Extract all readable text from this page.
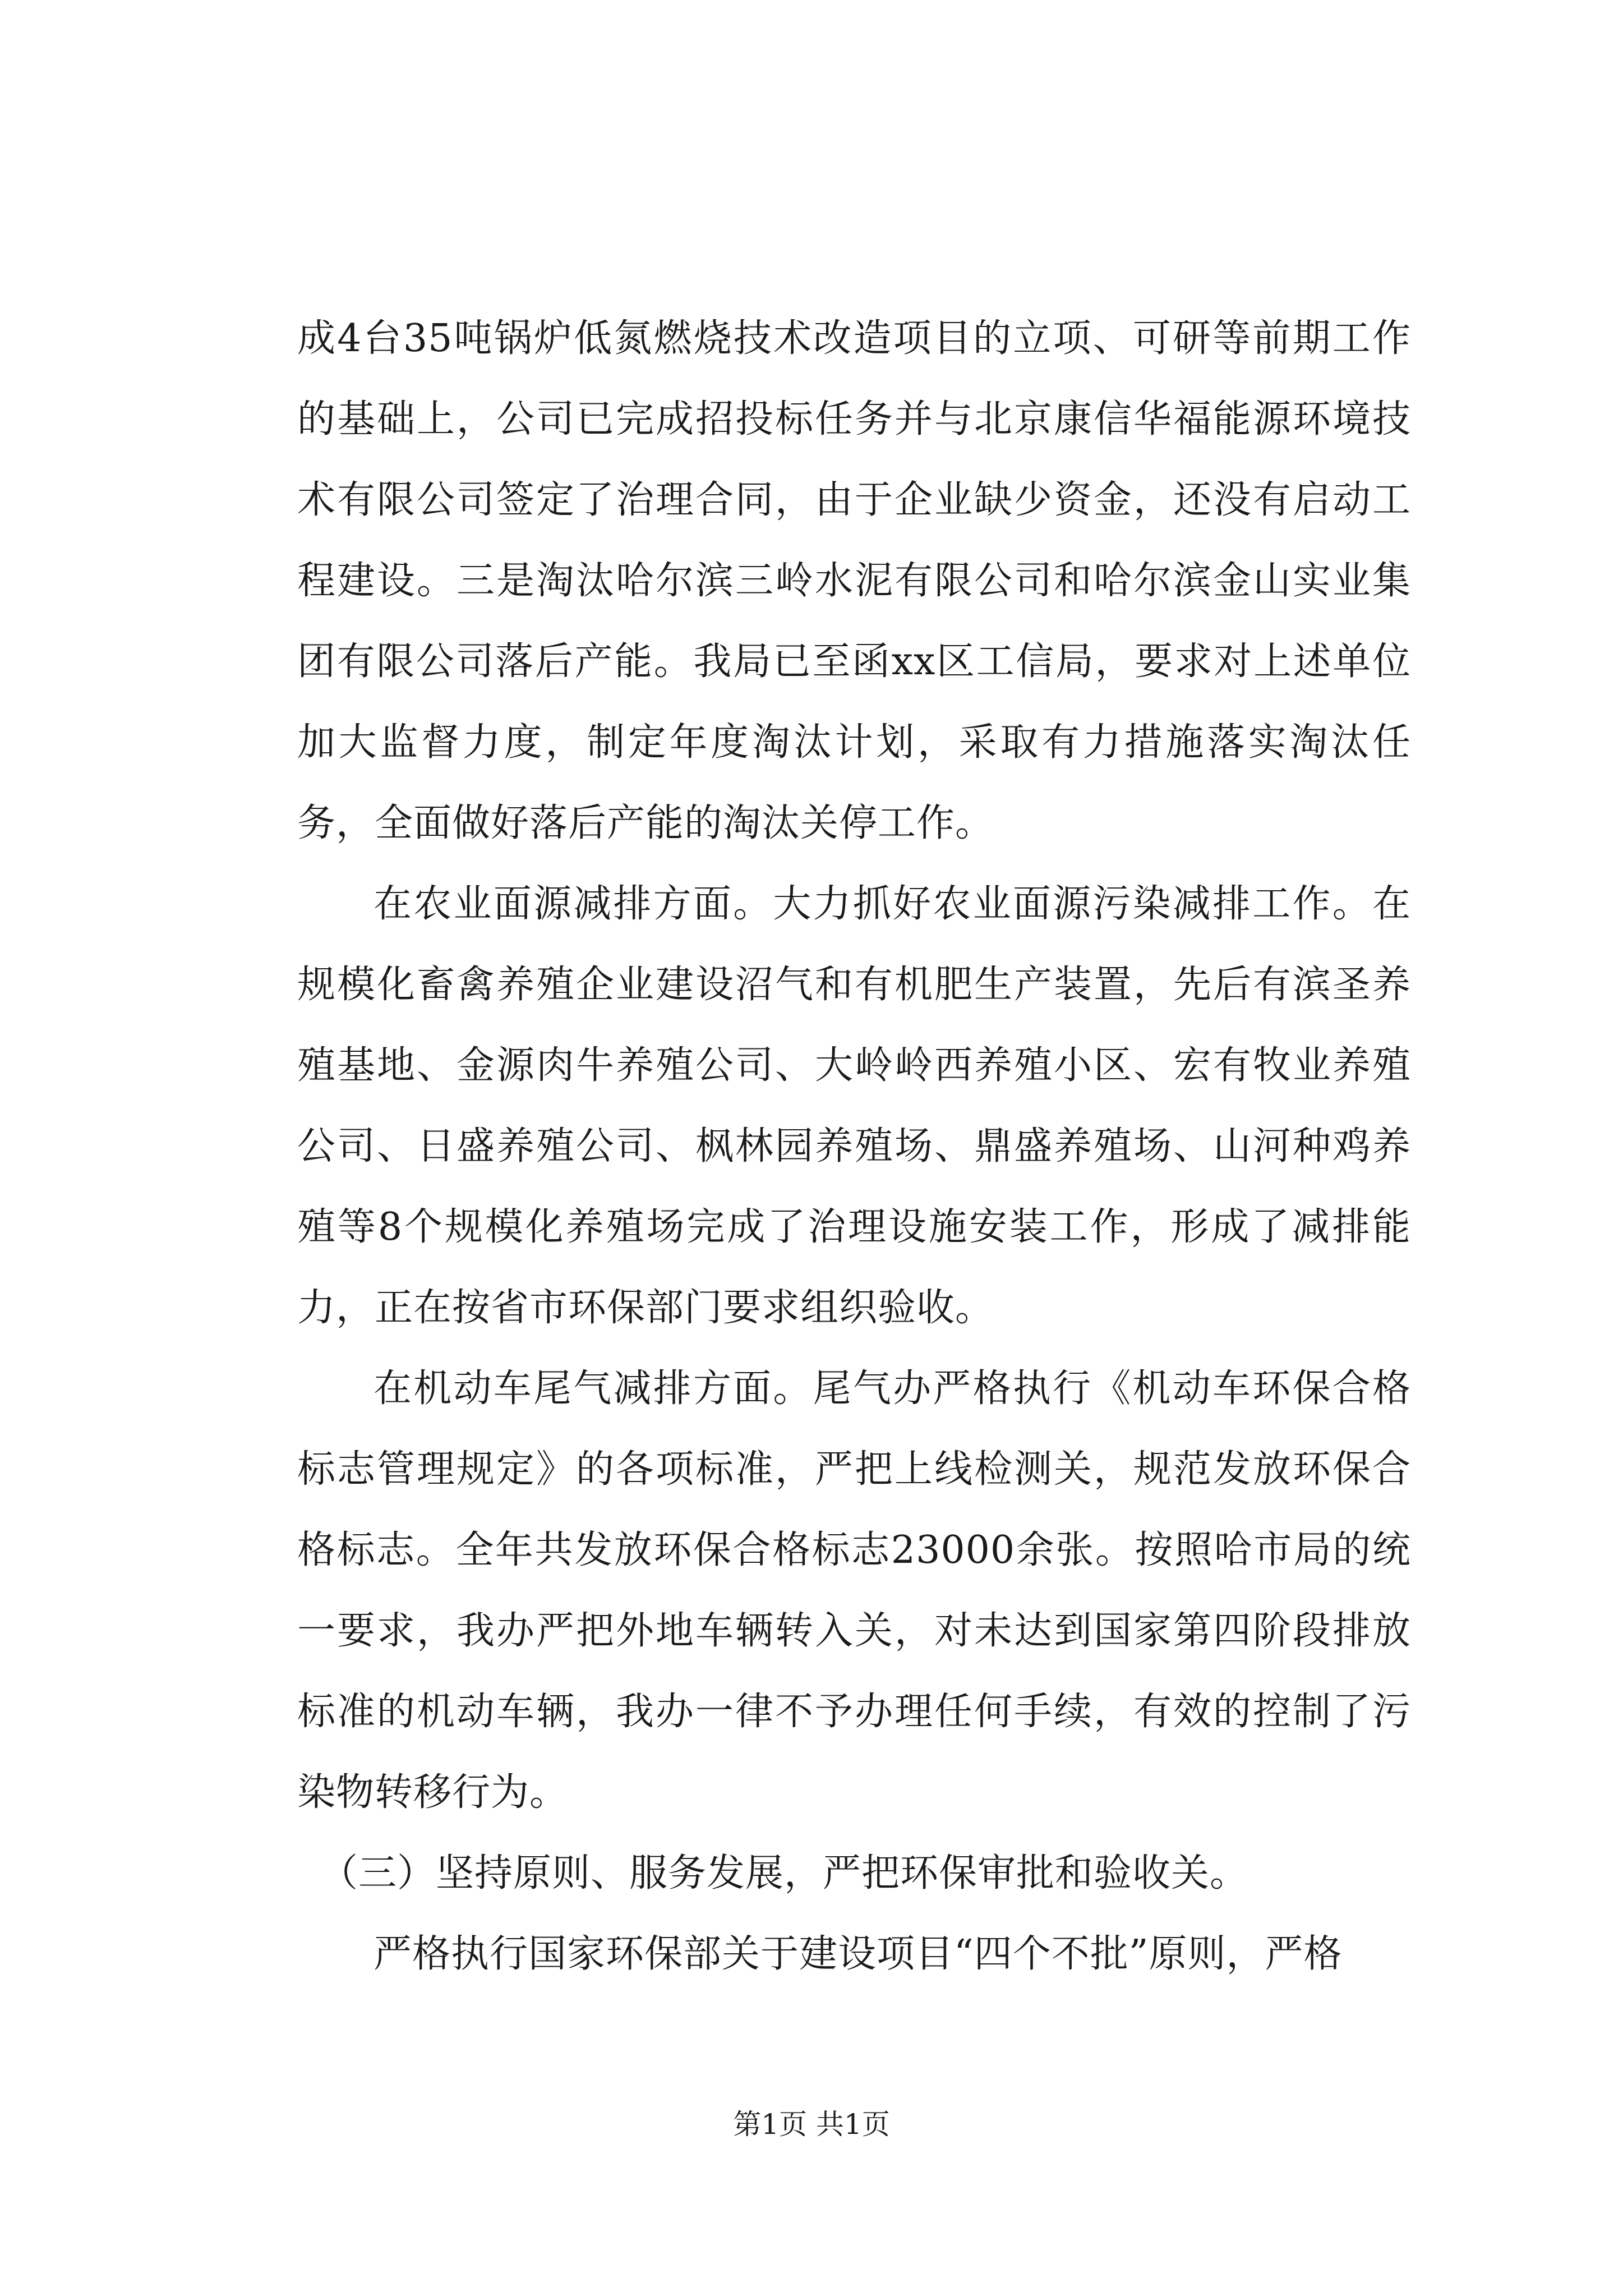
成4台35吨锅炉低氮燃烧技术改造项目的立项、可研等前期工作的基础上，公司已完成招投标任务并与北京康信华福能源环境技术有限公司签定了治理合同，由于企业缺少资金，还没有启动工程建设。三是淘汰哈尔滨三岭水泥有限公司和哈尔滨金山实业集团有限公司落后产能。我局已至函xx区工信局，要求对上述单位加大监督力度，制定年度淘汰计划，采取有力措施落实淘汰任务，全面做好落后产能的淘汰关停工作。

在农业面源减排方面。大力抓好农业面源污染减排工作。在规模化畜禽养殖企业建设沼气和有机肥生产装置，先后有滨圣养殖基地、金源肉牛养殖公司、大岭岭西养殖小区、宏有牧业养殖公司、日盛养殖公司、枫林园养殖场、鼎盛养殖场、山河种鸡养殖等8个规模化养殖场完成了治理设施安装工作，形成了减排能力，正在按省市环保部门要求组织验收。

在机动车尾气减排方面。尾气办严格执行《机动车环保合格标志管理规定》的各项标准，严把上线检测关，规范发放环保合格标志。全年共发放环保合格标志23000余张。按照哈市局的统一要求，我办严把外地车辆转入关，对未达到国家第四阶段排放标准的机动车辆，我办一律不予办理任何手续，有效的控制了污染物转移行为。

（三）坚持原则、服务发展，严把环保审批和验收关。

严格执行国家环保部关于建设项目“四个不批”原则，严格

第1页 共1页
